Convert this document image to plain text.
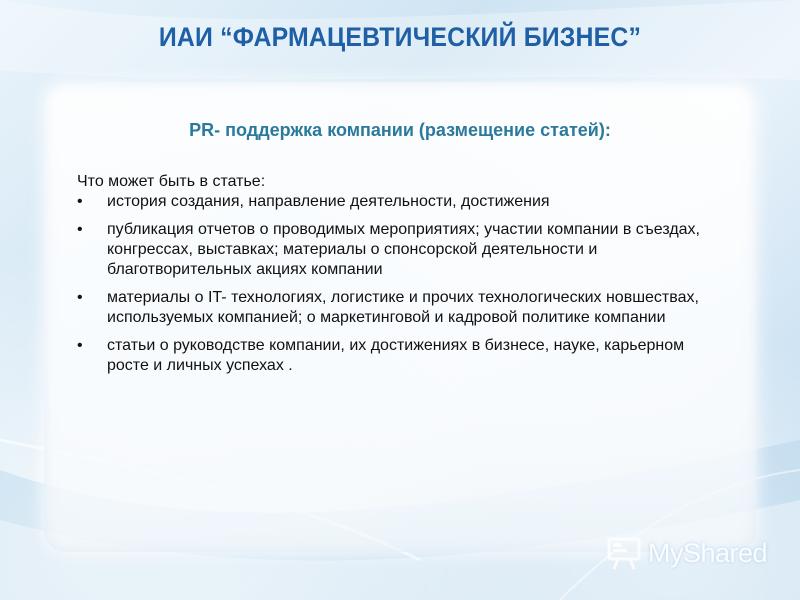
ИАИ “ФАРМАЦЕВТИЧЕСКИЙ БИЗНЕС”
PR- поддержка компании (размещение статей):
Что может быть в статье:
• история создания, направление деятельности, достижения
• публикация отчетов о проводимых мероприятиях; участии компании в съездах, конгрессах, выставках; материалы о спонсорской деятельности и благотворительных акциях компании
• материалы о IT- технологиях, логистике и прочих технологических новшествах, используемых компанией; о маркетинговой и кадровой политике компании
• статьи о руководстве компании, их достижениях в бизнесе, науке, карьерном росте и личных успехах .
MyShared
